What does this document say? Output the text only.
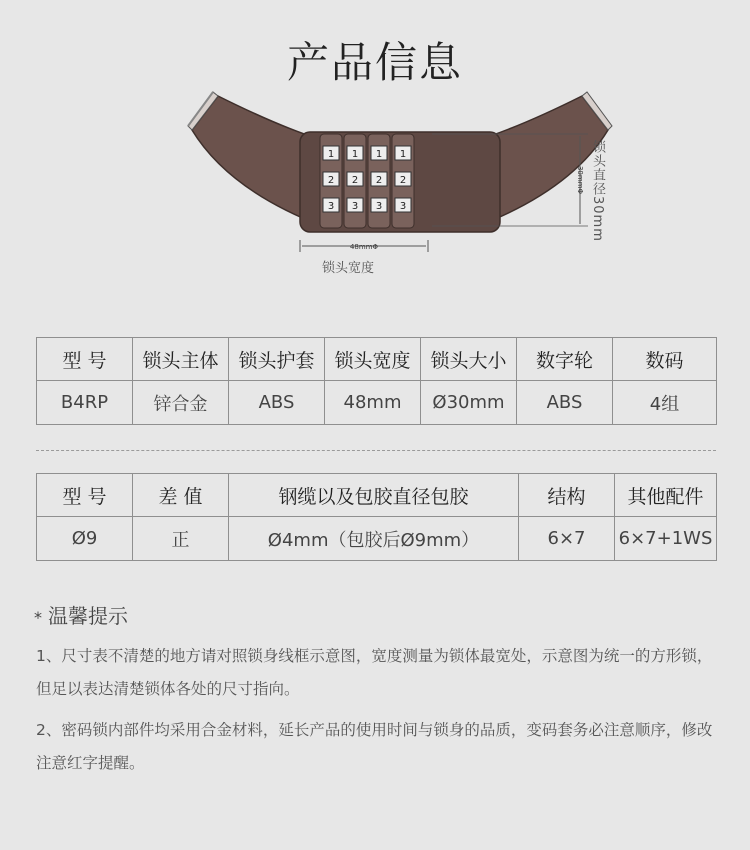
产品信息
1 1 1 1
2 2 2 2
3 3 3 3
48mmΦ
30mmΦ
锁头宽度
锁头直径30mm
型 号	锁头主体	锁头护套	锁头宽度	锁头大小	数字轮	数码
B4RP	锌合金	ABS	48mm	Ø30mm	ABS	4组
型 号	差 值	钢缆以及包胶直径包胶	结构	其他配件
Ø9	正	Ø4mm（包胶后Ø9mm）	6×7	6×7+1WS
* 温馨提示
1、尺寸表不清楚的地方请对照锁身线框示意图，宽度测量为锁体最宽处，示意图为统一的方形锁，但足以表达清楚锁体各处的尺寸指向。
2、密码锁内部件均采用合金材料，延长产品的使用时间与锁身的品质，变码套务必注意顺序，修改注意红字提醒。
